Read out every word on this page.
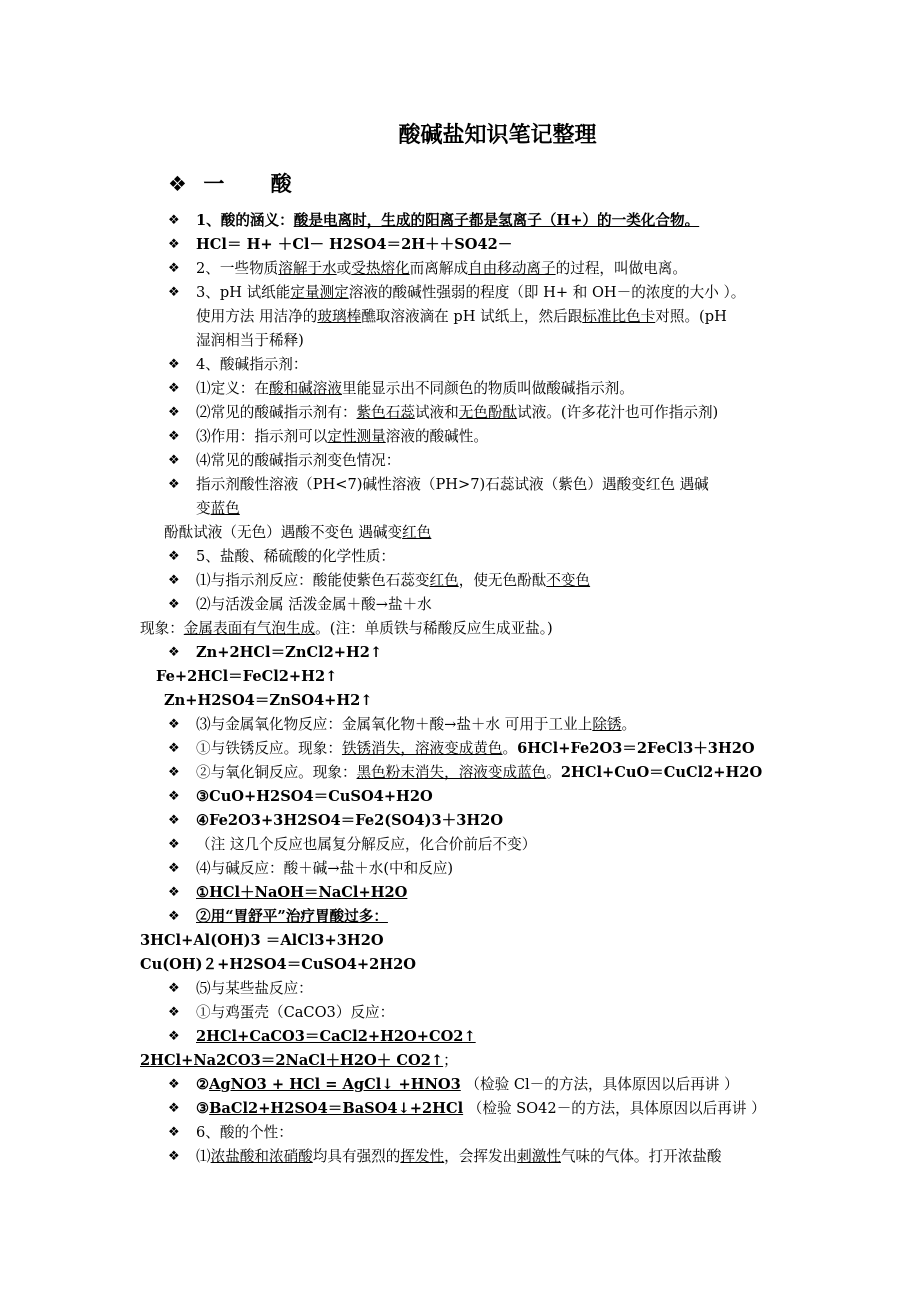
酸碱盐知识笔记整理
❖ 一 酸
❖ 1、酸的涵义：酸是电离时，生成的阳离子都是氢离子（H+）的一类化合物。
❖ HCl＝ H+ ＋Cl－ H2SO4＝2H＋＋SO42－
❖ 2、一些物质溶解于水或受热熔化而离解成自由移动离子的过程，叫做电离。
❖ 3、pH 试纸能定量测定溶液的酸碱性强弱的程度（即 H+ 和 OH－的浓度的大小 ）。
使用方法 用洁净的玻璃棒醮取溶液滴在 pH 试纸上，然后跟标准比色卡对照。(pH
湿润相当于稀释)
❖ 4、酸碱指示剂：
❖ ⑴定义：在酸和碱溶液里能显示出不同颜色的物质叫做酸碱指示剂。
❖ ⑵常见的酸碱指示剂有：紫色石蕊试液和无色酚酞试液。(许多花汁也可作指示剂)
❖ ⑶作用：指示剂可以定性测量溶液的酸碱性。
❖ ⑷常见的酸碱指示剂变色情况：
❖ 指示剂酸性溶液（PH<7)碱性溶液（PH>7)石蕊试液（紫色）遇酸变红色 遇碱
变蓝色
酚酞试液（无色）遇酸不变色 遇碱变红色
❖ 5、盐酸、稀硫酸的化学性质：
❖ ⑴与指示剂反应：酸能使紫色石蕊变红色，使无色酚酞不变色
❖ ⑵与活泼金属 活泼金属＋酸→盐＋水
现象：金属表面有气泡生成。(注：单质铁与稀酸反应生成亚盐。)
❖ Zn+2HCl＝ZnCl2+H2↑
Fe+2HCl＝FeCl2+H2↑
Zn+H2SO4＝ZnSO4+H2↑
❖ ⑶与金属氧化物反应：金属氧化物＋酸→盐＋水 可用于工业上除锈。
❖ ①与铁锈反应。现象：铁锈消失，溶液变成黄色。6HCl+Fe2O3＝2FeCl3＋3H2O
❖ ②与氧化铜反应。现象：黑色粉末消失，溶液变成蓝色。2HCl+CuO＝CuCl2+H2O
❖ ③CuO+H2SO4＝CuSO4+H2O
❖ ④Fe2O3+3H2SO4＝Fe2(SO4)3＋3H2O
❖ （注 这几个反应也属复分解反应，化合价前后不变）
❖ ⑷与碱反应：酸＋碱→盐＋水(中和反应)
❖ ①HCl＋NaOH＝NaCl+H2O
❖ ②用“胃舒平”治疗胃酸过多：
3HCl+Al(OH)3 ＝AlCl3+3H2O
Cu(OH)２+H2SO4＝CuSO4+2H2O
❖ ⑸与某些盐反应：
❖ ①与鸡蛋壳（CaCO3）反应：
❖ 2HCl+CaCO3＝CaCl2+H2O+CO2↑
2HCl+Na2CO3＝2NaCl＋H2O＋ CO2↑；
❖ ②AgNO3 + HCl = AgCl↓ +HNO3 （检验 Cl－的方法，具体原因以后再讲 ）
❖ ③BaCl2+H2SO4＝BaSO4↓+2HCl （检验 SO42－的方法，具体原因以后再讲 ）
❖ 6、酸的个性：
❖ ⑴浓盐酸和浓硝酸均具有强烈的挥发性，会挥发出刺激性气味的气体。打开浓盐酸
